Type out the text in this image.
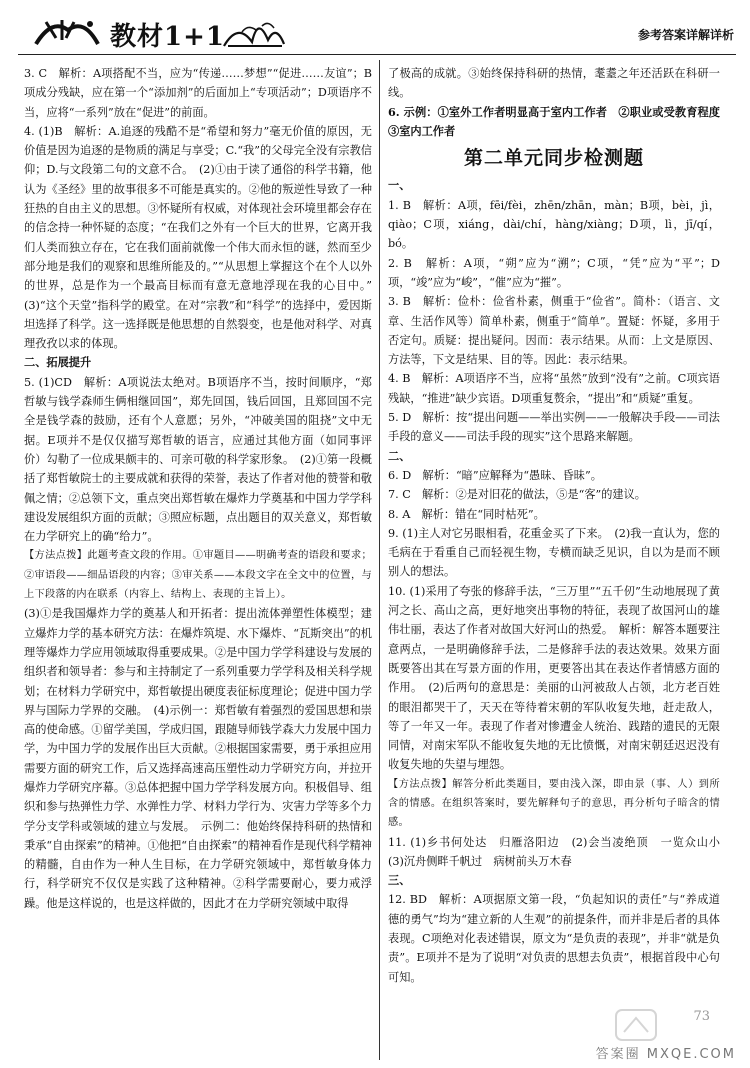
教材1+1	参考答案详解详析

3. C　解析：A项搭配不当，应为“传递……梦想”“促进……友谊”；B项成分残缺，应在第一个“添加剂”的后面加上“专项活动”；D项语序不当，应将“一系列”放在“促进”的前面。

4. (1)B　解析：A.追逐的残酷不是“希望和努力”毫无价值的原因，无价值是因为追逐的是物质的满足与享受；C.“我”的父母完全没有宗教信仰；D.与文段第二句的文意不合。　(2)①由于读了通俗的科学书籍，他认为《圣经》里的故事很多不可能是真实的。②他的叛逆性导致了一种狂热的自由主义的思想。③怀疑所有权威，对体现社会环境里都会存在的信念持一种怀疑的态度；“在我们之外有一个巨大的世界，它离开我们人类而独立存在，它在我们面前就像一个伟大而永恒的谜，然而至少部分地是我们的观察和思维所能及的。”“从思想上掌握这个在个人以外的世界，总是作为一个最高目标而有意无意地浮现在我的心目中。”　(3)“这个天堂”指科学的殿堂。在对“宗教”和“科学”的选择中，爱因斯坦选择了科学。这一选择既是他思想的自然裂变，也是他对科学、对真理孜孜以求的体现。

二、拓展提升

5. (1)CD　解析：A项说法太绝对。B项语序不当，按时间顺序，“郑哲敏与钱学森师生俩相继回国”，郑先回国，钱后回国，且郑回国不完全是钱学森的鼓励，还有个人意愿；另外，“冲破美国的阻挠”文中无据。E项并不是仅仅描写郑哲敏的语言，应通过其他方面（如同事评价）勾勒了一位成果颇丰的、可亲可敬的科学家形象。　(2)①第一段概括了郑哲敏院士的主要成就和获得的荣誉，表达了作者对他的赞誉和敬佩之情；②总领下文，重点突出郑哲敏在爆炸力学奠基和中国力学学科建设发展组织方面的贡献；③照应标题，点出题目的双关意义，郑哲敏在力学研究上的确“给力”。

【方法点拨】此题考查文段的作用。①审题目——明确考查的语段和要求；②审语段——细品语段的内容；③审关系——本段文字在全文中的位置，与上下段落的内在联系（内容上、结构上、表现的主旨上）。

(3)①是我国爆炸力学的奠基人和开拓者：提出流体弹塑性体模型；建立爆炸力学的基本研究方法：在爆炸筑堤、水下爆炸、“瓦斯突出”的机理等爆炸力学应用领域取得重要成果。②是中国力学学科建设与发展的组织者和领导者：参与和主持制定了一系列重要力学学科及相关科学规划；在材料力学研究中，郑哲敏提出硬度表征标度理论；促进中国力学界与国际力学界的交融。　(4)示例一：郑哲敏有着强烈的爱国思想和崇高的使命感。①留学美国，学成归国，跟随导师钱学森大力发展中国力学，为中国力学的发展作出巨大贡献。②根据国家需要，勇于承担应用需要方面的研究工作，后又选择高速高压塑性动力学研究方向，并拉开爆炸力学研究序幕。③总体把握中国力学学科发展方向。积极倡导、组织和参与热弹性力学、水弹性力学、材料力学行为、灾害力学等多个力学分支学科或领域的建立与发展。　示例二：他始终保持科研的热情和秉承“自由探索”的精神。①他把“自由探索”的精神看作是现代科学精神的精髓，自由作为一种人生目标，在力学研究领域中，郑哲敏身体力行，科学研究不仅仅是实践了这种精神。②科学需要耐心，要力戒浮躁。他是这样说的，也是这样做的，因此才在力学研究领域中取得

了极高的成就。③始终保持科研的热情，耄耋之年还活跃在科研一线。

6. 示例：①室外工作者明显高于室内工作者　②职业或受教育程度　③室内工作者

第二单元同步检测题

一、

1. B　解析：A项，fēi/fèi，zhēn/zhān，màn；B项，bèi，jì，qiào；C项，xiáng，dài/chí，hàng/xiàng；D项，lì，jī/qí，bó。

2. B　解析：A项，“朔”应为“溯”；C项，“凭”应为“平”；D项，“竣”应为“峻”，“催”应为“摧”。

3. B　解析：俭朴：俭省朴素，侧重于“俭省”。简朴：（语言、文章、生活作风等）简单朴素，侧重于“简单”。置疑：怀疑，多用于否定句。质疑：提出疑问。因而：表示结果。从而：上文是原因、方法等，下文是结果、目的等。因此：表示结果。

4. B　解析：A项语序不当，应将“虽然”放到“没有”之前。C项宾语残缺，“推进”缺少宾语。D项重复赘余，“提出”和“质疑”重复。

5. D　解析：按“提出问题——举出实例——一般解决手段——司法手段的意义——司法手段的现实”这个思路来解题。

二、

6. D　解析：“暗”应解释为“愚昧、昏昧”。

7. C　解析：②是对旧花的做法，⑤是“客”的建议。

8. A　解析：错在“同时枯死”。

9. (1)主人对它另眼相看，花重金买了下来。　(2)我一直认为，您的毛病在于看重自己而轻视生物，专横而缺乏见识，自以为是而不顾别人的想法。

10. (1)采用了夸张的修辞手法，“三万里”“五千仞”生动地展现了黄河之长、高山之高，更好地突出事物的特征，表现了故国河山的雄伟壮丽，表达了作者对故国大好河山的热爱。　解析：解答本题要注意两点，一是明确修辞手法，二是修辞手法的表达效果。效果方面既要答出其在写景方面的作用，更要答出其在表达作者情感方面的作用。　(2)后两句的意思是：美丽的山河被敌人占领，北方老百姓的眼泪都哭干了，天天在等待着宋朝的军队收复失地，赶走敌人，等了一年又一年。表现了作者对惨遭金人统治、践踏的遗民的无限同情，对南宋军队不能收复失地的无比愤慨，对南宋朝廷迟迟没有收复失地的失望与埋怨。

【方法点拨】解答分析此类题目，要由浅入深，即由景（事、人）到所含的情感。在组织答案时，要先解释句子的意思，再分析句子暗含的情感。

11. (1)乡书何处达　归雁洛阳边　(2)会当凌绝顶　一览众山小　(3)沉舟侧畔千帆过　病树前头万木春

三、

12. BD　解析：A项据原文第一段，“负起知识的责任”与“养成道德的勇气”均为“建立新的人生观”的前提条件，而并非是后者的具体表现。C项绝对化表述错误，原文为“是负责的表现”，并非“就是负责”。E项并不是为了说明“对负责的思想去负责”，根据首段中心句可知。

73
答案圈 MXQE.COM
